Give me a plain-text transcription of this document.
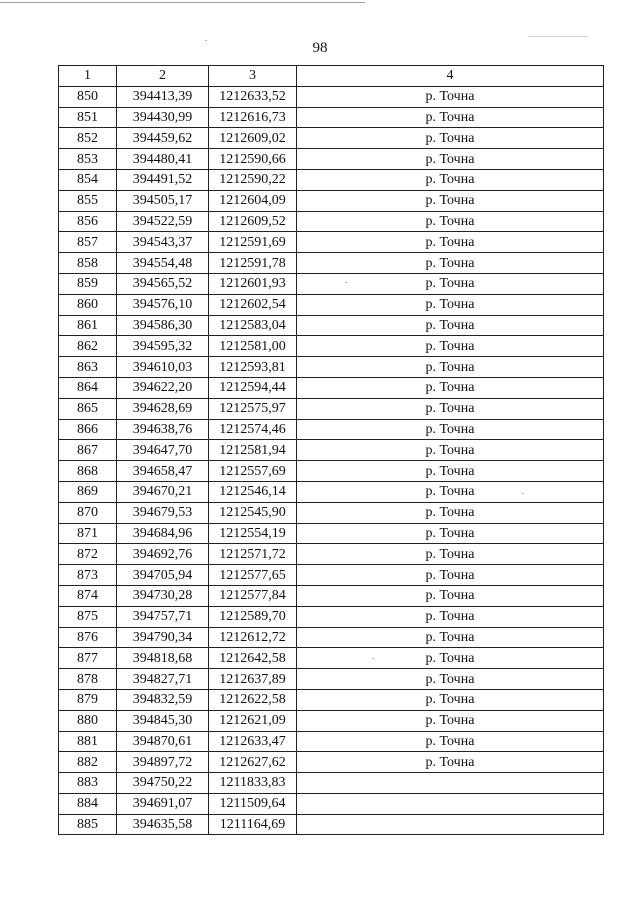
98
1	2	3	4
850	394413,39	1212633,52	р. Точна
851	394430,99	1212616,73	р. Точна
852	394459,62	1212609,02	р. Точна
853	394480,41	1212590,66	р. Точна
854	394491,52	1212590,22	р. Точна
855	394505,17	1212604,09	р. Точна
856	394522,59	1212609,52	р. Точна
857	394543,37	1212591,69	р. Точна
858	394554,48	1212591,78	р. Точна
859	394565,52	1212601,93	р. Точна
860	394576,10	1212602,54	р. Точна
861	394586,30	1212583,04	р. Точна
862	394595,32	1212581,00	р. Точна
863	394610,03	1212593,81	р. Точна
864	394622,20	1212594,44	р. Точна
865	394628,69	1212575,97	р. Точна
866	394638,76	1212574,46	р. Точна
867	394647,70	1212581,94	р. Точна
868	394658,47	1212557,69	р. Точна
869	394670,21	1212546,14	р. Точна
870	394679,53	1212545,90	р. Точна
871	394684,96	1212554,19	р. Точна
872	394692,76	1212571,72	р. Точна
873	394705,94	1212577,65	р. Точна
874	394730,28	1212577,84	р. Точна
875	394757,71	1212589,70	р. Точна
876	394790,34	1212612,72	р. Точна
877	394818,68	1212642,58	р. Точна
878	394827,71	1212637,89	р. Точна
879	394832,59	1212622,58	р. Точна
880	394845,30	1212621,09	р. Точна
881	394870,61	1212633,47	р. Точна
882	394897,72	1212627,62	р. Точна
883	394750,22	1211833,83	
884	394691,07	1211509,64	
885	394635,58	1211164,69	
